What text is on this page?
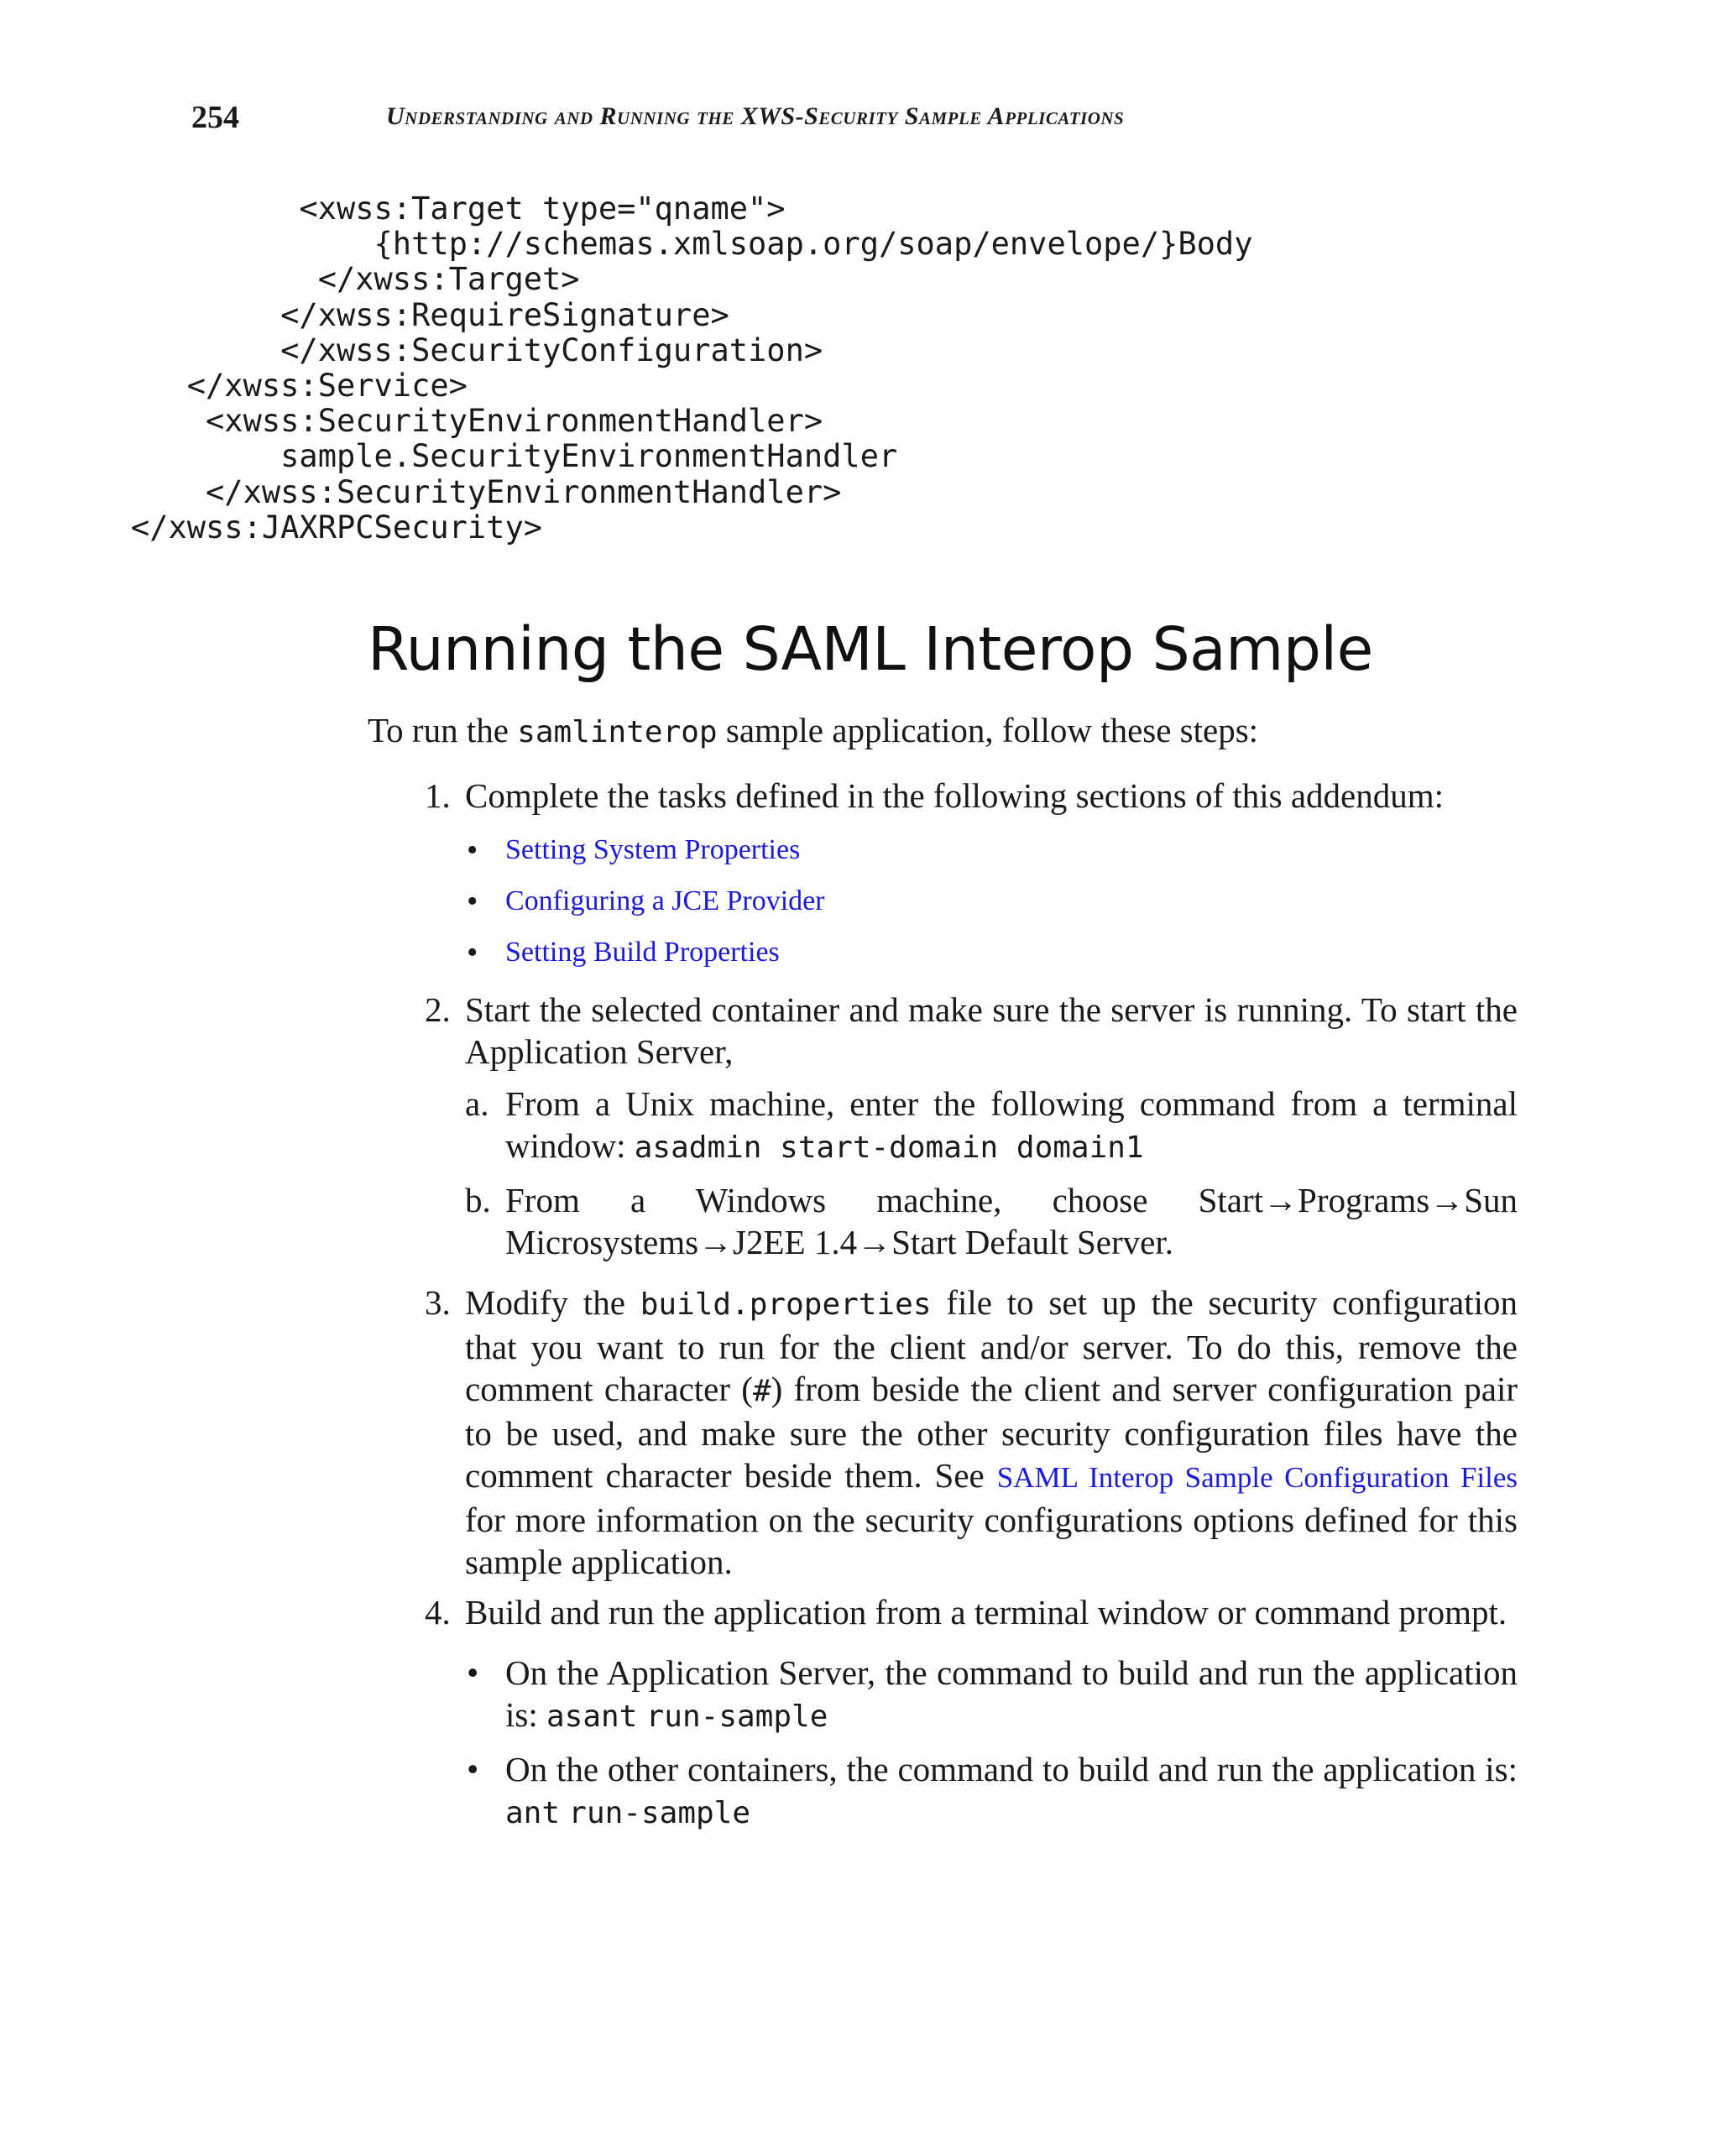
254	Understanding and Running the XWS-Security Sample Applications
<xwss:Target type="qname">
{http://schemas.xmlsoap.org/soap/envelope/}Body
</xwss:Target>
</xwss:RequireSignature>
</xwss:SecurityConfiguration>
</xwss:Service>
<xwss:SecurityEnvironmentHandler>
sample.SecurityEnvironmentHandler
</xwss:SecurityEnvironmentHandler>
</xwss:JAXRPCSecurity>
Running the SAML Interop Sample

To run the samlinterop sample application, follow these steps:

1. Complete the tasks defined in the following sections of this addendum:
• Setting System Properties
• Configuring a JCE Provider
• Setting Build Properties
2. Start the selected container and make sure the server is running. To start the Application Server,
a. From a Unix machine, enter the following command from a terminal window: asadmin start-domain domain1
b. From a Windows machine, choose Start→Programs→Sun
Microsystems→J2EE 1.4→Start Default Server.
3. Modify the build.properties file to set up the security configuration that you want to run for the client and/or server. To do this, remove the comment character (#) from beside the client and server configuration pair to be used, and make sure the other security configuration files have the comment character beside them. See SAML Interop Sample Configuration Files for more information on the security configurations options defined for this sample application.
4. Build and run the application from a terminal window or command prompt.
• On the Application Server, the command to build and run the application is: asant run-sample
• On the other containers, the command to build and run the application is: ant run-sample
